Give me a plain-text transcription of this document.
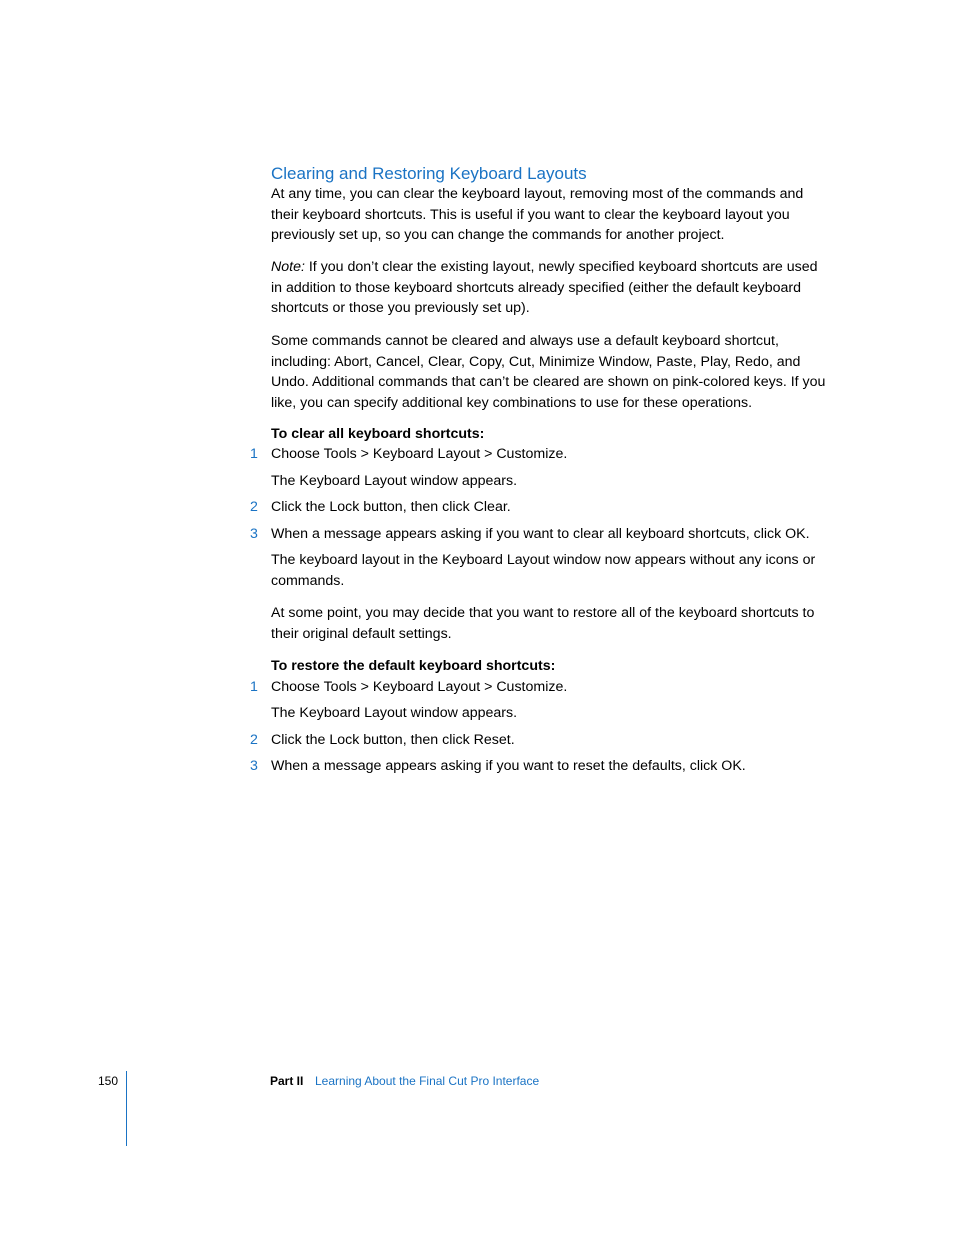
Clearing and Restoring Keyboard Layouts

At any time, you can clear the keyboard layout, removing most of the commands and their keyboard shortcuts. This is useful if you want to clear the keyboard layout you previously set up, so you can change the commands for another project.

Note: If you don’t clear the existing layout, newly specified keyboard shortcuts are used in addition to those keyboard shortcuts already specified (either the default keyboard shortcuts or those you previously set up).

Some commands cannot be cleared and always use a default keyboard shortcut, including: Abort, Cancel, Clear, Copy, Cut, Minimize Window, Paste, Play, Redo, and Undo. Additional commands that can’t be cleared are shown on pink-colored keys. If you like, you can specify additional key combinations to use for these operations.

To clear all keyboard shortcuts:

1 Choose Tools > Keyboard Layout > Customize.

The Keyboard Layout window appears.

2 Click the Lock button, then click Clear.

3 When a message appears asking if you want to clear all keyboard shortcuts, click OK.

The keyboard layout in the Keyboard Layout window now appears without any icons or commands.

At some point, you may decide that you want to restore all of the keyboard shortcuts to their original default settings.

To restore the default keyboard shortcuts:

1 Choose Tools > Keyboard Layout > Customize.

The Keyboard Layout window appears.

2 Click the Lock button, then click Reset.

3 When a message appears asking if you want to reset the defaults, click OK.

150	Part II Learning About the Final Cut Pro Interface
